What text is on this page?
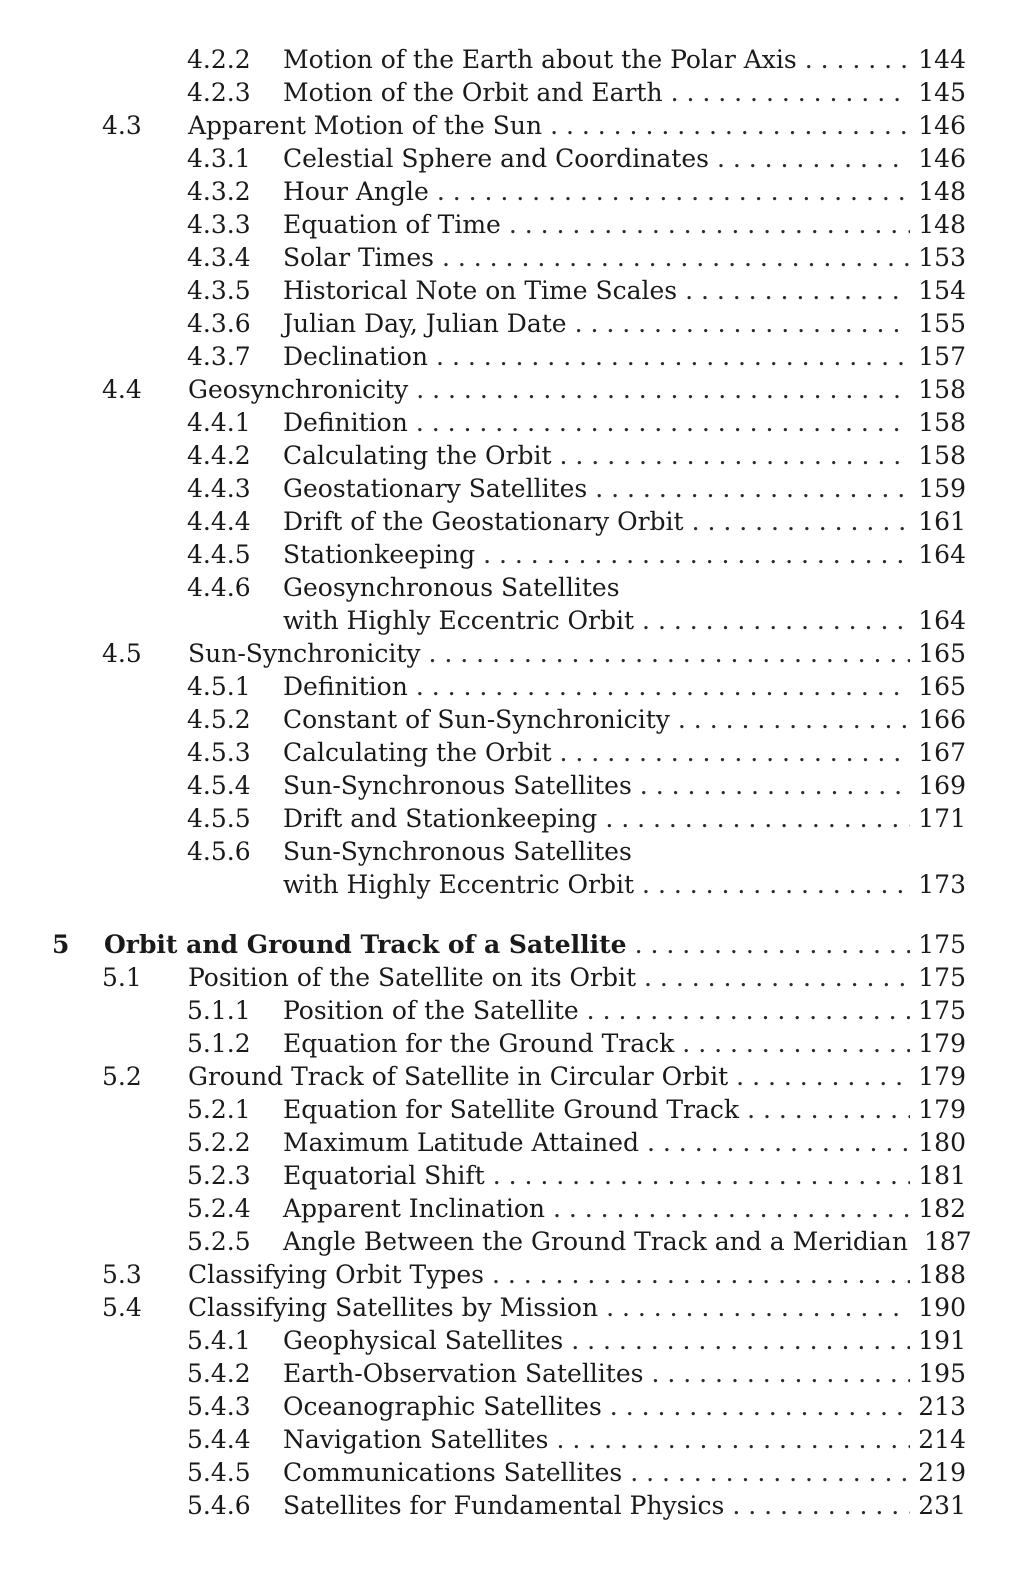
4.2.2 Motion of the Earth about the Polar Axis . . .	144
4.2.3 Motion of the Orbit and Earth . . .	145
4.3 Apparent Motion of the Sun . . .	146
4.3.1 Celestial Sphere and Coordinates . . .	146
4.3.2 Hour Angle . . .	148
4.3.3 Equation of Time . . .	148
4.3.4 Solar Times . . .	153
4.3.5 Historical Note on Time Scales . . .	154
4.3.6 Julian Day, Julian Date . . .	155
4.3.7 Declination . . .	157
4.4 Geosynchronicity . . .	158
4.4.1 Definition . . .	158
4.4.2 Calculating the Orbit . . .	158
4.4.3 Geostationary Satellites . . .	159
4.4.4 Drift of the Geostationary Orbit . . .	161
4.4.5 Stationkeeping . . .	164
4.4.6 Geosynchronous Satellites
with Highly Eccentric Orbit . . .	164
4.5 Sun-Synchronicity . . .	165
4.5.1 Definition . . .	165
4.5.2 Constant of Sun-Synchronicity . . .	166
4.5.3 Calculating the Orbit . . .	167
4.5.4 Sun-Synchronous Satellites . . .	169
4.5.5 Drift and Stationkeeping . . .	171
4.5.6 Sun-Synchronous Satellites
with Highly Eccentric Orbit . . .	173
5 Orbit and Ground Track of a Satellite . . .	175
5.1 Position of the Satellite on its Orbit . . .	175
5.1.1 Position of the Satellite . . .	175
5.1.2 Equation for the Ground Track . . .	179
5.2 Ground Track of Satellite in Circular Orbit . . .	179
5.2.1 Equation for Satellite Ground Track . . .	179
5.2.2 Maximum Latitude Attained . . .	180
5.2.3 Equatorial Shift . . .	181
5.2.4 Apparent Inclination . . .	182
5.2.5 Angle Between the Ground Track and a Meridian 187
5.3 Classifying Orbit Types . . .	188
5.4 Classifying Satellites by Mission . . .	190
5.4.1 Geophysical Satellites . . .	191
5.4.2 Earth-Observation Satellites . . .	195
5.4.3 Oceanographic Satellites . . .	213
5.4.4 Navigation Satellites . . .	214
5.4.5 Communications Satellites . . .	219
5.4.6 Satellites for Fundamental Physics . . .	231
